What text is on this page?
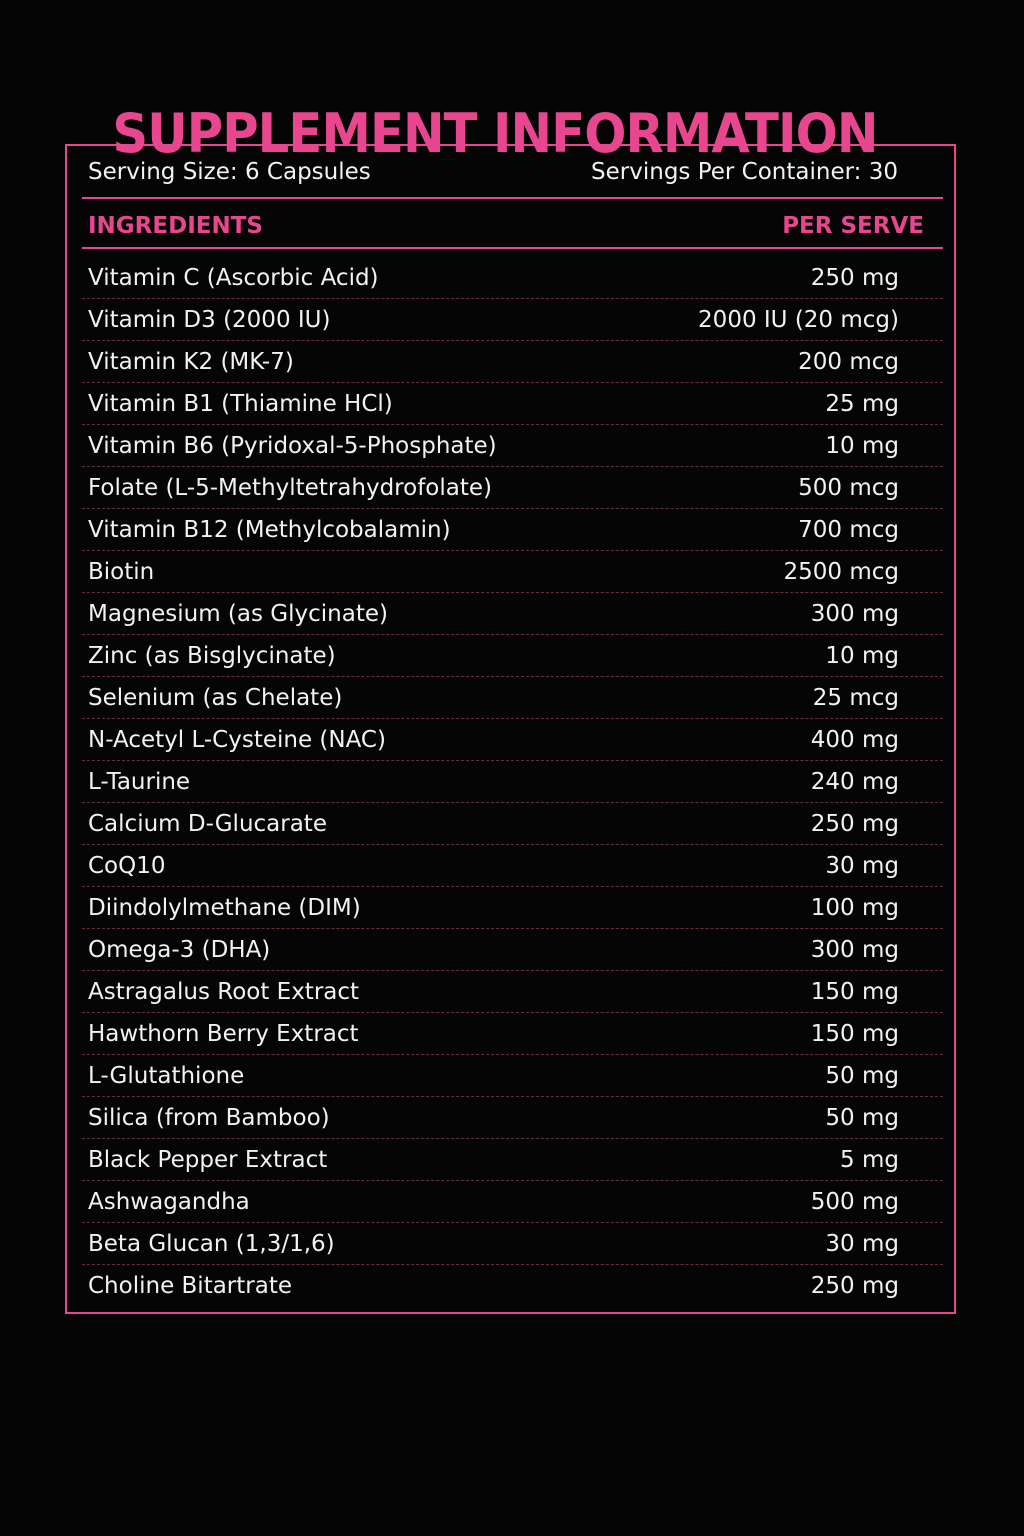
SUPPLEMENT INFORMATION
Serving Size: 6 Capsules	Servings Per Container: 30
INGREDIENTS	PER SERVE
Vitamin C (Ascorbic Acid)	250 mg
Vitamin D3 (2000 IU)	2000 IU (20 mcg)
Vitamin K2 (MK-7)	200 mcg
Vitamin B1 (Thiamine HCl)	25 mg
Vitamin B6 (Pyridoxal-5-Phosphate)	10 mg
Folate (L-5-Methyltetrahydrofolate)	500 mcg
Vitamin B12 (Methylcobalamin)	700 mcg
Biotin	2500 mcg
Magnesium (as Glycinate)	300 mg
Zinc (as Bisglycinate)	10 mg
Selenium (as Chelate)	25 mcg
N-Acetyl L-Cysteine (NAC)	400 mg
L-Taurine	240 mg
Calcium D-Glucarate	250 mg
CoQ10	30 mg
Diindolylmethane (DIM)	100 mg
Omega-3 (DHA)	300 mg
Astragalus Root Extract	150 mg
Hawthorn Berry Extract	150 mg
L-Glutathione	50 mg
Silica (from Bamboo)	50 mg
Black Pepper Extract	5 mg
Ashwagandha	500 mg
Beta Glucan (1,3/1,6)	30 mg
Choline Bitartrate	250 mg
